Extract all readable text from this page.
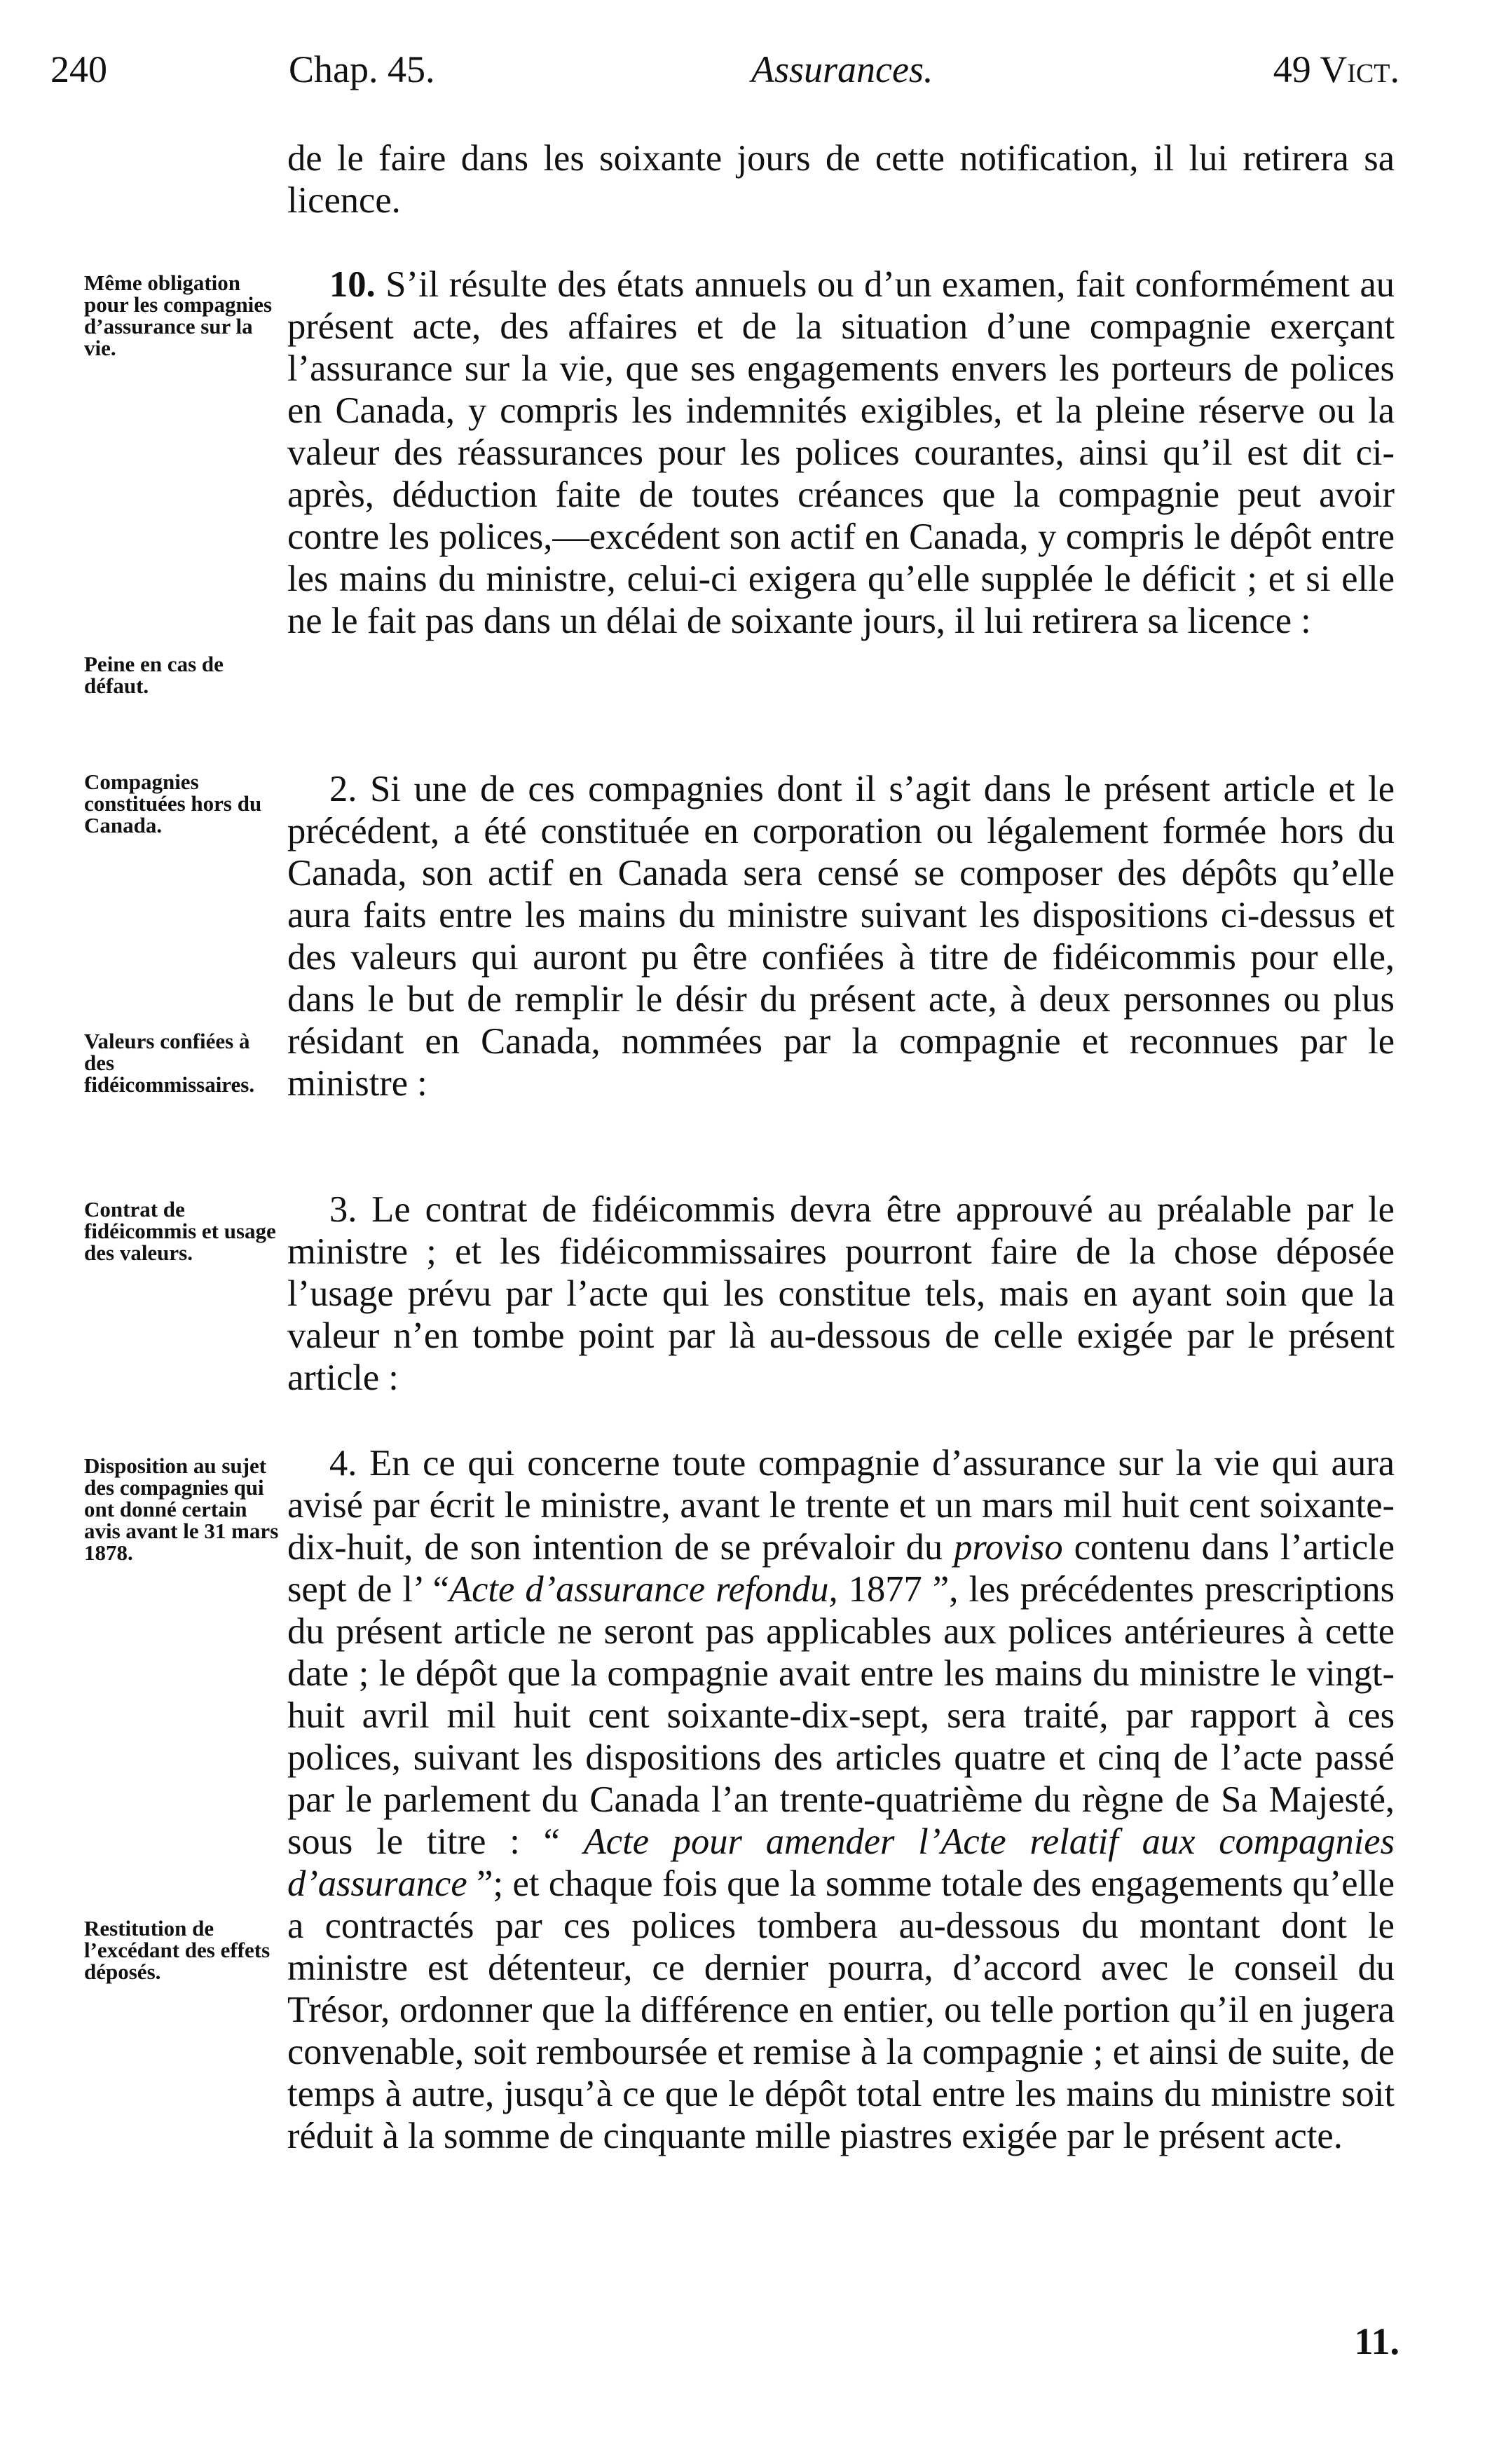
240	Chap. 45.	Assurances.	49 Vict.
Même obligation pour les compagnies d’assurance sur la vie.
Peine en cas de défaut.
Compagnies constituées hors du Canada.
Valeurs confiées à des fidéicommissaires.
Contrat de fidéicommis et usage des valeurs.
Disposition au sujet des compagnies qui ont donné certain avis avant le 31 mars 1878.
Restitution de l’excédant des effets déposés.

de le faire dans les soixante jours de cette notification, il lui retirera sa licence.

10. S’il résulte des états annuels ou d’un examen, fait conformément au présent acte, des affaires et de la situation d’une compagnie exerçant l’assurance sur la vie, que ses engagements envers les porteurs de polices en Canada, y compris les indemnités exigibles, et la pleine réserve ou la valeur des réassurances pour les polices courantes, ainsi qu’il est dit ci-après, déduction faite de toutes créances que la compagnie peut avoir contre les polices,—excédent son actif en Canada, y compris le dépôt entre les mains du ministre, celui-ci exigera qu’elle supplée le déficit ; et si elle ne le fait pas dans un délai de soixante jours, il lui retirera sa licence :

2. Si une de ces compagnies dont il s’agit dans le présent article et le précédent, a été constituée en corporation ou légalement formée hors du Canada, son actif en Canada sera censé se composer des dépôts qu’elle aura faits entre les mains du ministre suivant les dispositions ci-dessus et des valeurs qui auront pu être confiées à titre de fidéicommis pour elle, dans le but de remplir le désir du présent acte, à deux personnes ou plus résidant en Canada, nommées par la compagnie et reconnues par le ministre :

3. Le contrat de fidéicommis devra être approuvé au préalable par le ministre ; et les fidéicommissaires pourront faire de la chose déposée l’usage prévu par l’acte qui les constitue tels, mais en ayant soin que la valeur n’en tombe point par là au-dessous de celle exigée par le présent article :

4. En ce qui concerne toute compagnie d’assurance sur la vie qui aura avisé par écrit le ministre, avant le trente et un mars mil huit cent soixante-dix-huit, de son intention de se prévaloir du proviso contenu dans l’article sept de l’ “Acte d’assurance refondu, 1877 ”, les précédentes prescriptions du présent article ne seront pas applicables aux polices antérieures à cette date ; le dépôt que la compagnie avait entre les mains du ministre le vingt-huit avril mil huit cent soixante-dix-sept, sera traité, par rapport à ces polices, suivant les dispositions des articles quatre et cinq de l’acte passé par le parlement du Canada l’an trente-quatrième du règne de Sa Majesté, sous le titre : “ Acte pour amender l’Acte relatif aux compagnies d’assurance ”; et chaque fois que la somme totale des engagements qu’elle a contractés par ces polices tombera au-dessous du montant dont le ministre est détenteur, ce dernier pourra, d’accord avec le conseil du Trésor, ordonner que la différence en entier, ou telle portion qu’il en jugera convenable, soit remboursée et remise à la compagnie ; et ainsi de suite, de temps à autre, jusqu’à ce que le dépôt total entre les mains du ministre soit réduit à la somme de cinquante mille piastres exigée par le présent acte.

11.
